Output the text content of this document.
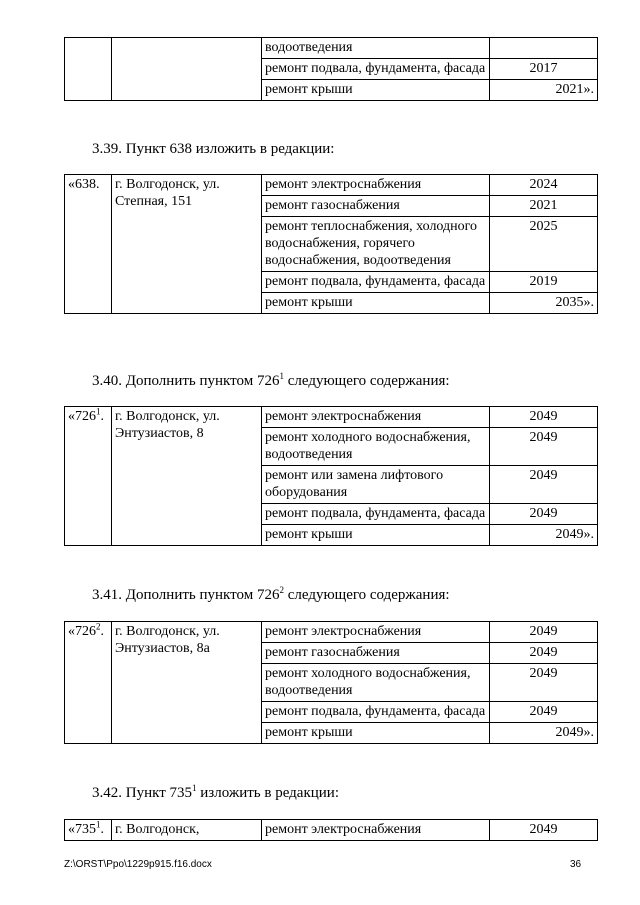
		водоотведения	
		ремонт подвала, фундамента, фасада	2017
		ремонт крыши	2021».
3.39. Пункт 638 изложить в редакции:
«638.	г. Волгодонск, ул. Степная, 151	ремонт электроснабжения	2024
		ремонт газоснабжения	2021
		ремонт теплоснабжения, холодного водоснабжения, горячего водоснабжения, водоотведения	2025
		ремонт подвала, фундамента, фасада	2019
		ремонт крыши	2035».
3.40. Дополнить пунктом $726^1$ следующего содержания:
«$726^1$.	г. Волгодонск, ул. Энтузиастов, 8	ремонт электроснабжения	2049
		ремонт холодного водоснабжения, водоотведения	2049
		ремонт или замена лифтового оборудования	2049
		ремонт подвала, фундамента, фасада	2049
		ремонт крыши	2049».
3.41. Дополнить пунктом $726^2$ следующего содержания:
«$726^2$.	г. Волгодонск, ул. Энтузиастов, 8а	ремонт электроснабжения	2049
		ремонт газоснабжения	2049
		ремонт холодного водоснабжения, водоотведения	2049
		ремонт подвала, фундамента, фасада	2049
		ремонт крыши	2049».
3.42. Пункт $735^1$ изложить в редакции:
«$735^1$.	г. Волгодонск,	ремонт электроснабжения	2049
Z:\ORST\Ppo\1229p915.f16.docx	36
